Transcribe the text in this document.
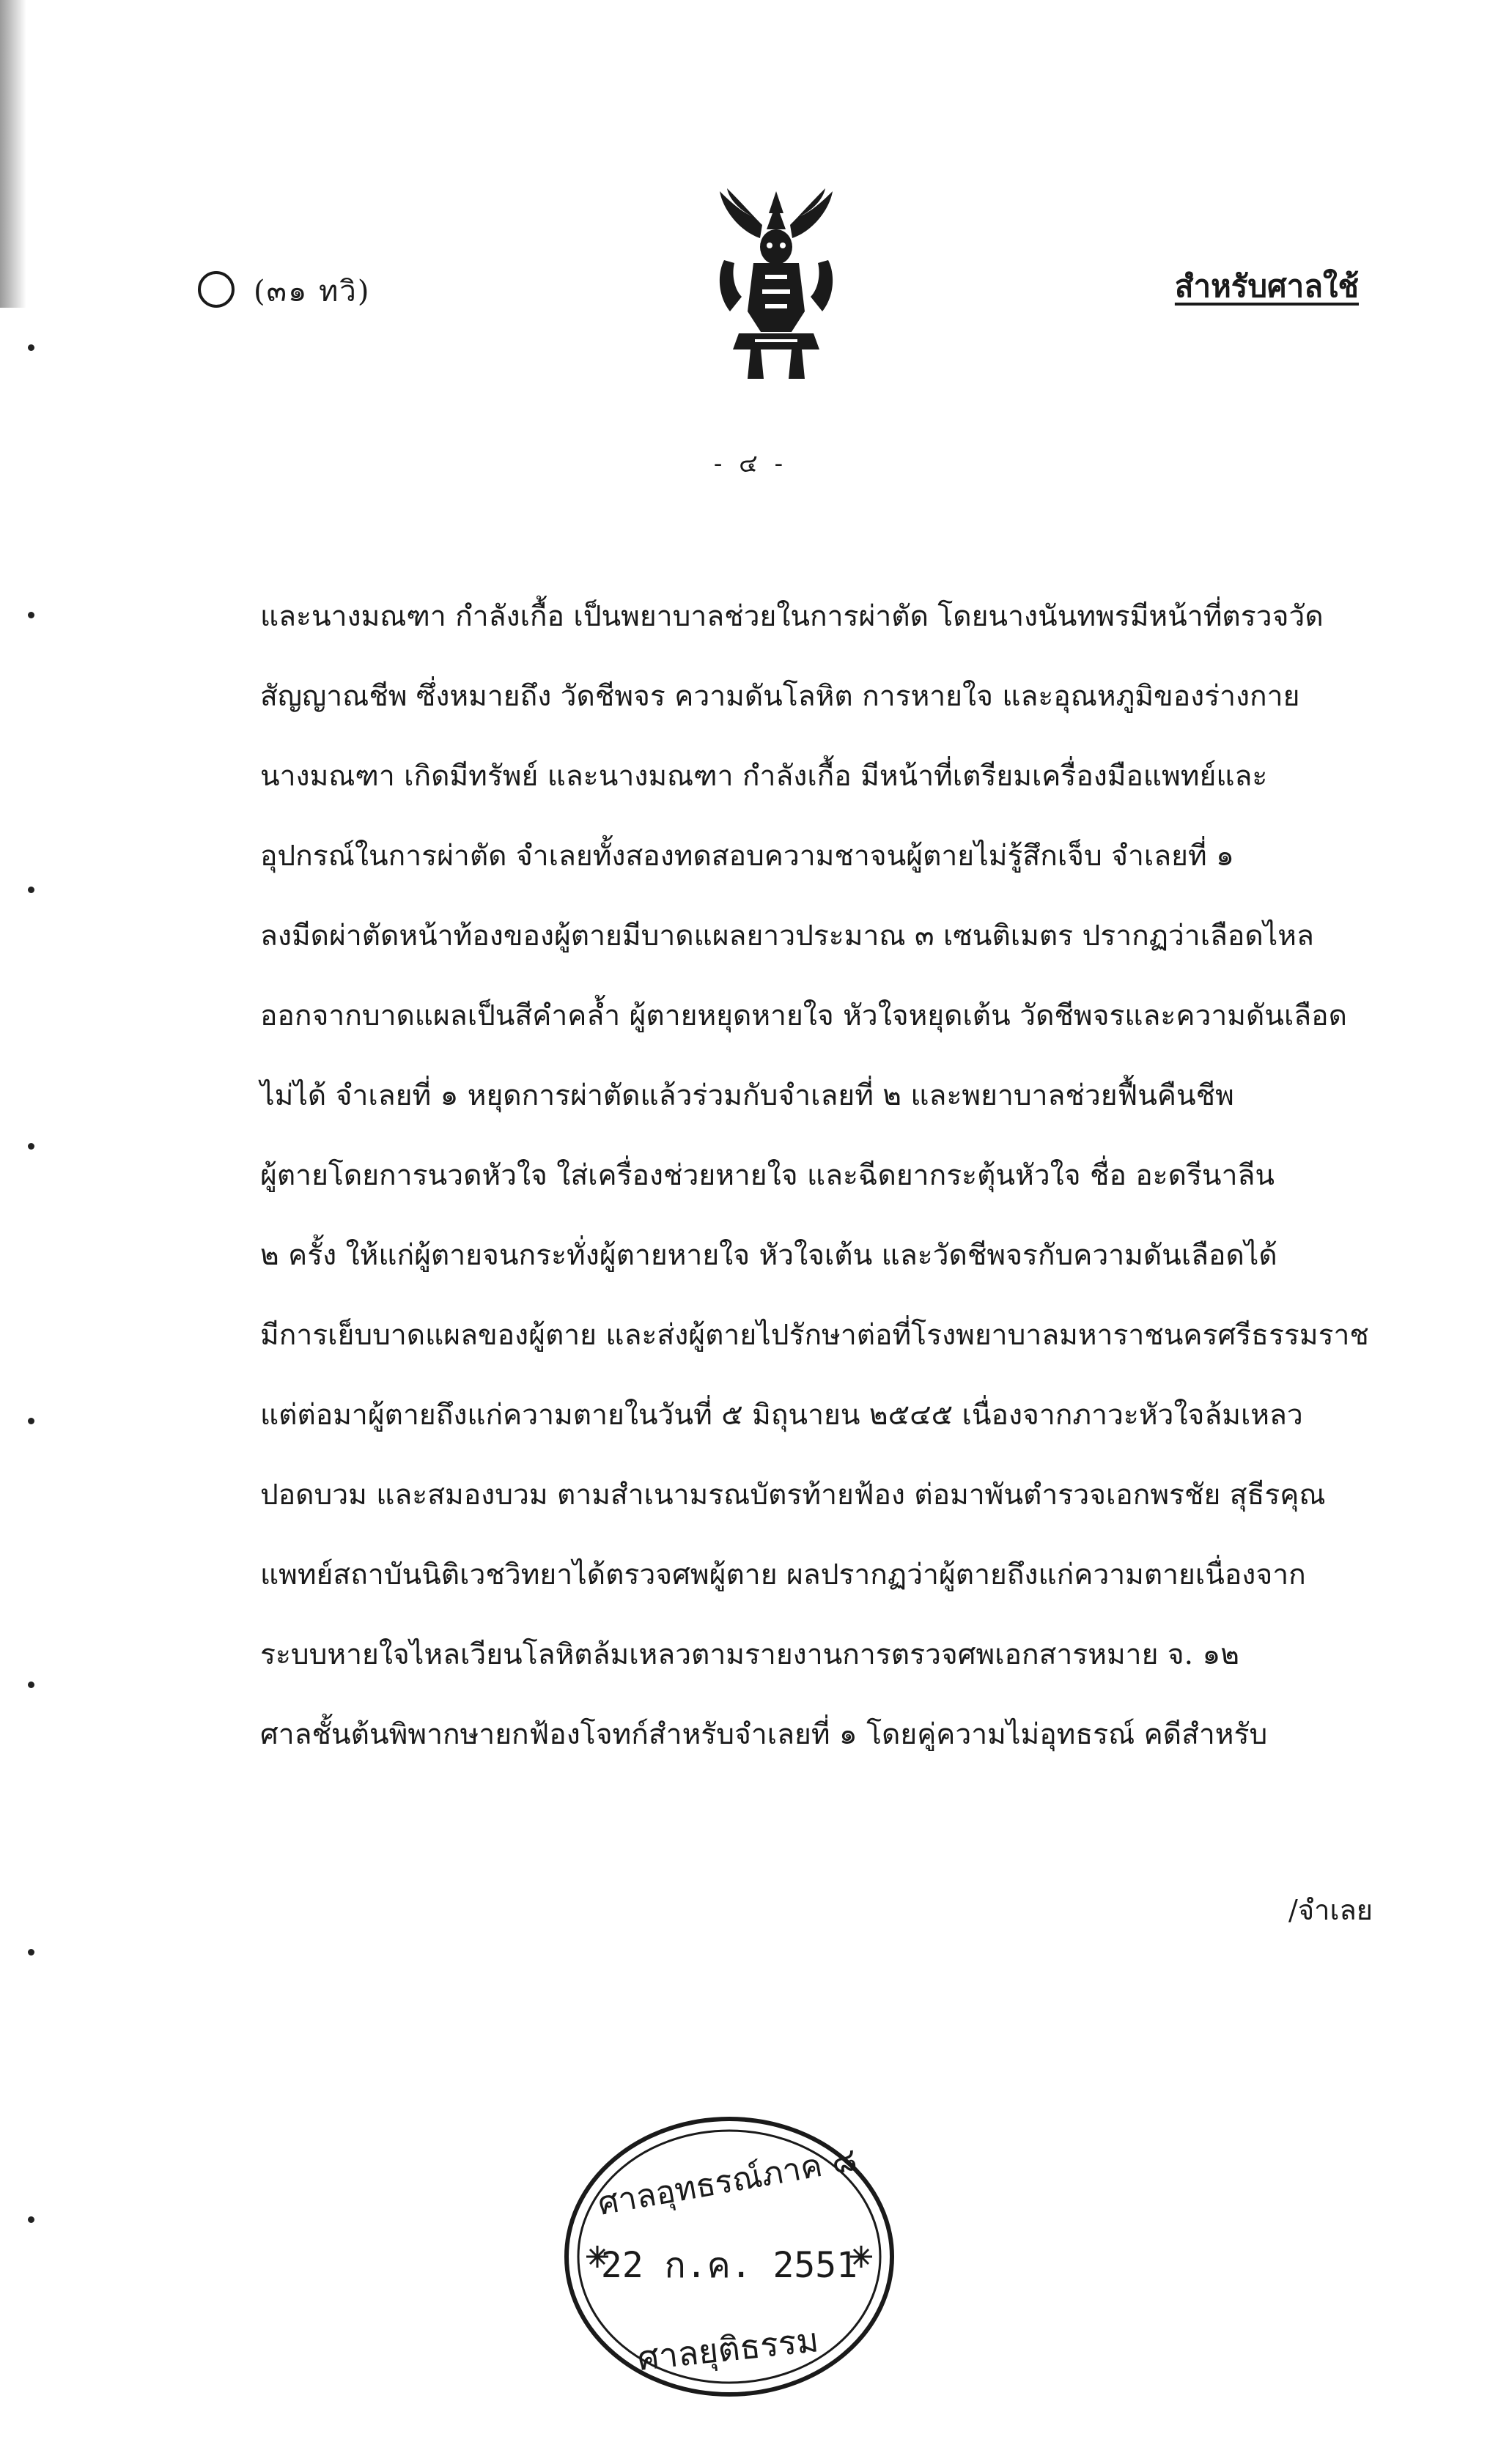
(๓๑ ทวิ)	สำหรับศาลใช้
- ๔ -
และนางมณฑา กำลังเกื้อ เป็นพยาบาลช่วยในการผ่าตัด โดยนางนันทพรมีหน้าที่ตรวจวัด
สัญญาณชีพ ซึ่งหมายถึง วัดชีพจร ความดันโลหิต การหายใจ และอุณหภูมิของร่างกาย
นางมณฑา เกิดมีทรัพย์ และนางมณฑา กำลังเกื้อ มีหน้าที่เตรียมเครื่องมือแพทย์และ
อุปกรณ์ในการผ่าตัด จำเลยทั้งสองทดสอบความชาจนผู้ตายไม่รู้สึกเจ็บ จำเลยที่ ๑
ลงมีดผ่าตัดหน้าท้องของผู้ตายมีบาดแผลยาวประมาณ ๓ เซนติเมตร ปรากฏว่าเลือดไหล
ออกจากบาดแผลเป็นสีคำคล้ำ ผู้ตายหยุดหายใจ หัวใจหยุดเต้น วัดชีพจรและความดันเลือด
ไม่ได้ จำเลยที่ ๑ หยุดการผ่าตัดแล้วร่วมกับจำเลยที่ ๒ และพยาบาลช่วยฟื้นคืนชีพ
ผู้ตายโดยการนวดหัวใจ ใส่เครื่องช่วยหายใจ และฉีดยากระตุ้นหัวใจ ชื่อ อะดรีนาลีน
๒ ครั้ง ให้แก่ผู้ตายจนกระทั่งผู้ตายหายใจ หัวใจเต้น และวัดชีพจรกับความดันเลือดได้
มีการเย็บบาดแผลของผู้ตาย และส่งผู้ตายไปรักษาต่อที่โรงพยาบาลมหาราชนครศรีธรรมราช
แต่ต่อมาผู้ตายถึงแก่ความตายในวันที่ ๕ มิถุนายน ๒๕๔๕ เนื่องจากภาวะหัวใจล้มเหลว
ปอดบวม และสมองบวม ตามสำเนามรณบัตรท้ายฟ้อง ต่อมาพันตำรวจเอกพรชัย สุธีรคุณ
แพทย์สถาบันนิติเวชวิทยาได้ตรวจศพผู้ตาย ผลปรากฏว่าผู้ตายถึงแก่ความตายเนื่องจาก
ระบบหายใจไหลเวียนโลหิตล้มเหลวตามรายงานการตรวจศพเอกสารหมาย จ. ๑๒
ศาลชั้นต้นพิพากษายกฟ้องโจทก์สำหรับจำเลยที่ ๑ โดยคู่ความไม่อุทธรณ์ คดีสำหรับ
/จำเลย
ศาลอุทธรณ์ภาค ๘
22 ก.ค. 2551
ศาลยุติธรรม
